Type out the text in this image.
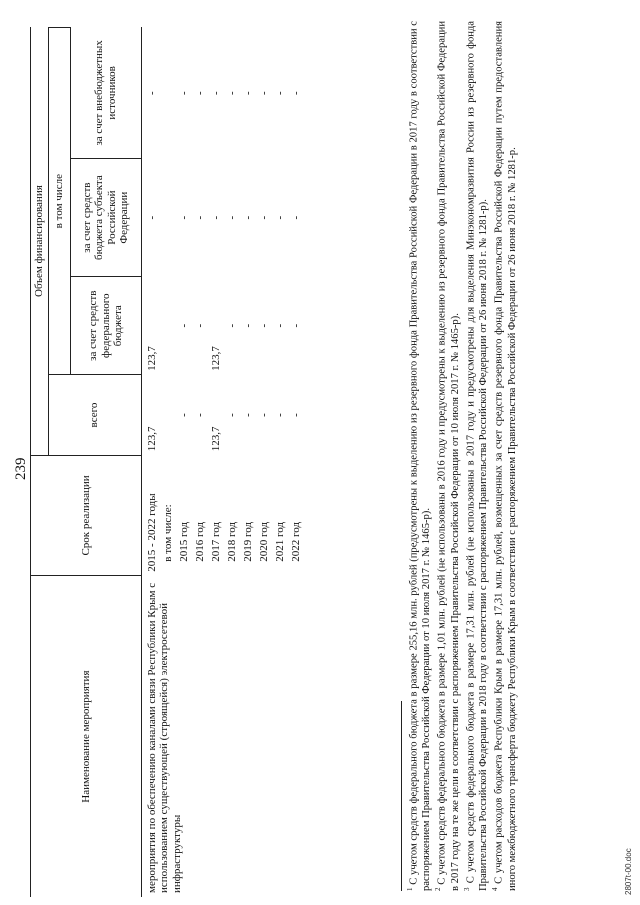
239
Наименование мероприятия	Срок реализации	Объем финансирования			
		всего	в том числе		
			за счет средств федерального бюджета	за счет средств бюджета субъекта Российской Федерации	за счет внебюджетных источников
мероприятия по обеспечению каналами связи Республики Крым с использованием существующей (строящейся) электросетевой инфраструктуры	2015 - 2022 годы	123,7	123,7	-	-
	в том числе:				
	2015 год	-	-	-	-
	2016 год	-	-	-	-
	2017 год	123,7	123,7	-	-
	2018 год	-	-	-	-
	2019 год	-	-	-	-
	2020 год	-	-	-	-
	2021 год	-	-	-	-
	2022 год	-	-	-	-

$^1$ С учетом средств федерального бюджета в размере 255,16 млн. рублей (предусмотрены к выделению из резервного фонда Правительства Российской Федерации в 2017 году в соответствии с распоряжением Правительства Российской Федерации от 10 июля 2017 г. № 1465-р). $^2$ С учетом средств федерального бюджета в размере 1,01 млн. рублей (не использованы в 2016 году и предусмотрены к выделению из резервного фонда Правительства Российской Федерации в 2017 году на те же цели в соответствии с распоряжением Правительства Российской Федерации от 10 июля 2017 г. № 1465-р). $^3$ С учетом средств федерального бюджета в размере 17,31 млн. рублей (не использованы в 2017 году и предусмотрены для выделения Минэкономразвития России из резервного фонда Правительства Российской Федерации в 2018 году в соответствии с распоряжением Правительства Российской Федерации от 26 июня 2018 г. № 1281-р). $^4$ С учетом расходов бюджета Республики Крым в размере 17,31 млн. рублей, возмещенных за счет средств резервного фонда Правительства Российской Федерации путем предоставления иного межбюджетного трансферта бюджету Республики Крым в соответствии с распоряжением Правительства Российской Федерации от 26 июня 2018 г. № 1281-р.	2807t-00.doc
